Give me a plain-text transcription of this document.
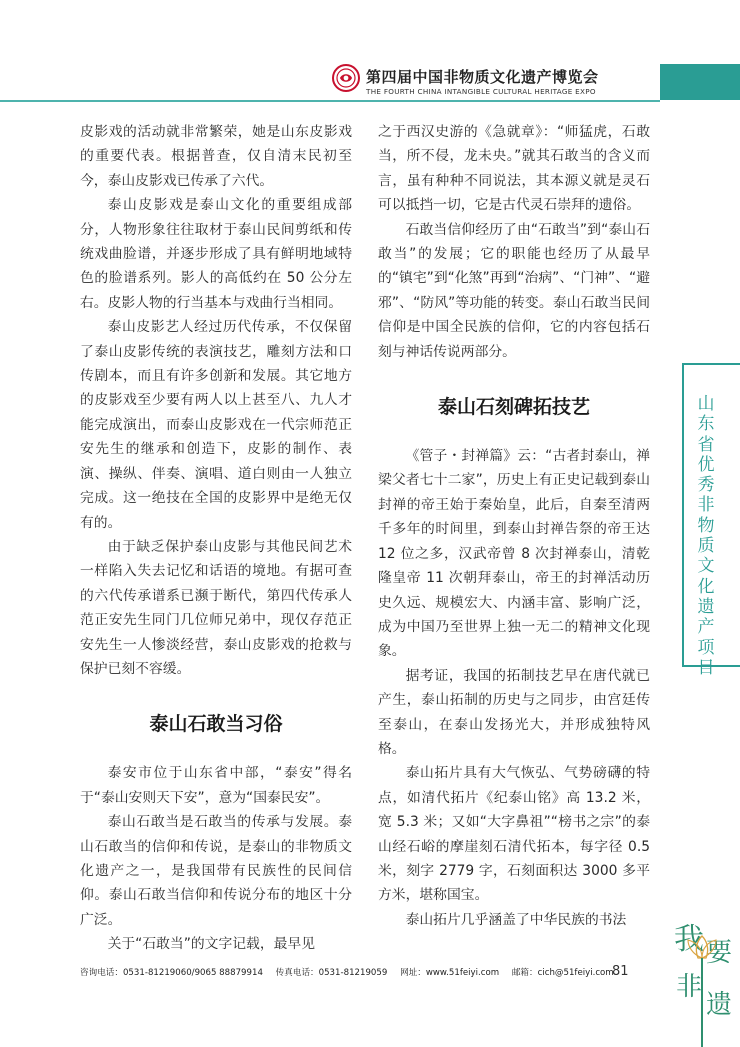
第四届中国非物质文化遗产博览会
THE FOURTH CHINA INTANGIBLE CULTURAL HERITAGE EXPO

皮影戏的活动就非常繁荣，她是山东皮影戏的重要代表。根据普查，仅自清末民初至今，泰山皮影戏已传承了六代。

泰山皮影戏是泰山文化的重要组成部分，人物形象往往取材于泰山民间剪纸和传统戏曲脸谱，并逐步形成了具有鲜明地域特色的脸谱系列。影人的高低约在 50 公分左右。皮影人物的行当基本与戏曲行当相同。

泰山皮影艺人经过历代传承，不仅保留了泰山皮影传统的表演技艺，雕刻方法和口传剧本，而且有许多创新和发展。其它地方的皮影戏至少要有两人以上甚至八、九人才能完成演出，而泰山皮影戏在一代宗师范正安先生的继承和创造下，皮影的制作、表演、操纵、伴奏、演唱、道白则由一人独立完成。这一绝技在全国的皮影界中是绝无仅有的。

由于缺乏保护泰山皮影与其他民间艺术一样陷入失去记忆和话语的境地。有据可查的六代传承谱系已濒于断代，第四代传承人范正安先生同门几位师兄弟中，现仅存范正安先生一人惨淡经营，泰山皮影戏的抢救与保护已刻不容缓。

泰山石敢当习俗

泰安市位于山东省中部，“泰安”得名于“泰山安则天下安”，意为“国泰民安”。

泰山石敢当是石敢当的传承与发展。泰山石敢当的信仰和传说，是泰山的非物质文化遗产之一，是我国带有民族性的民间信仰。泰山石敢当信仰和传说分布的地区十分广泛。

关于“石敢当”的文字记载，最早见

之于西汉史游的《急就章》：“师猛虎，石敢当，所不侵，龙未央。”就其石敢当的含义而言，虽有种种不同说法，其本源义就是灵石可以抵挡一切，它是古代灵石崇拜的遗俗。

石敢当信仰经历了由“石敢当”到“泰山石敢当”的发展；它的职能也经历了从最早的“镇宅”到“化煞”再到“治病”、“门神”、“避邪”、“防风”等功能的转变。泰山石敢当民间信仰是中国全民族的信仰，它的内容包括石刻与神话传说两部分。

泰山石刻碑拓技艺

《管子・封禅篇》云：“古者封泰山，禅梁父者七十二家”，历史上有正史记载到泰山封禅的帝王始于秦始皇，此后，自秦至清两千多年的时间里，到泰山封禅告祭的帝王达 12 位之多，汉武帝曾 8 次封禅泰山，清乾隆皇帝 11 次朝拜泰山，帝王的封禅活动历史久远、规模宏大、内涵丰富、影响广泛，成为中国乃至世界上独一无二的精神文化现象。

据考证，我国的拓制技艺早在唐代就已产生，泰山拓制的历史与之同步，由宫廷传至泰山，在泰山发扬光大，并形成独特风格。

泰山拓片具有大气恢弘、气势磅礴的特点，如清代拓片《纪泰山铭》高 13.2 米，宽 5.3 米；又如“大字鼻祖”“榜书之宗”的泰山经石峪的摩崖刻石清代拓本，每字径 0.5 米，刻字 2779 字，石刻面积达 3000 多平方米，堪称国宝。

泰山拓片几乎涵盖了中华民族的书法

山东省优秀非物质文化遗产项目
咨询电话：0531-81219060/9065 88879914 传真电话：0531-81219059 网址：www.51feiyi.com 邮箱：cich@51feiyi.com
81
我 要
非
遗
